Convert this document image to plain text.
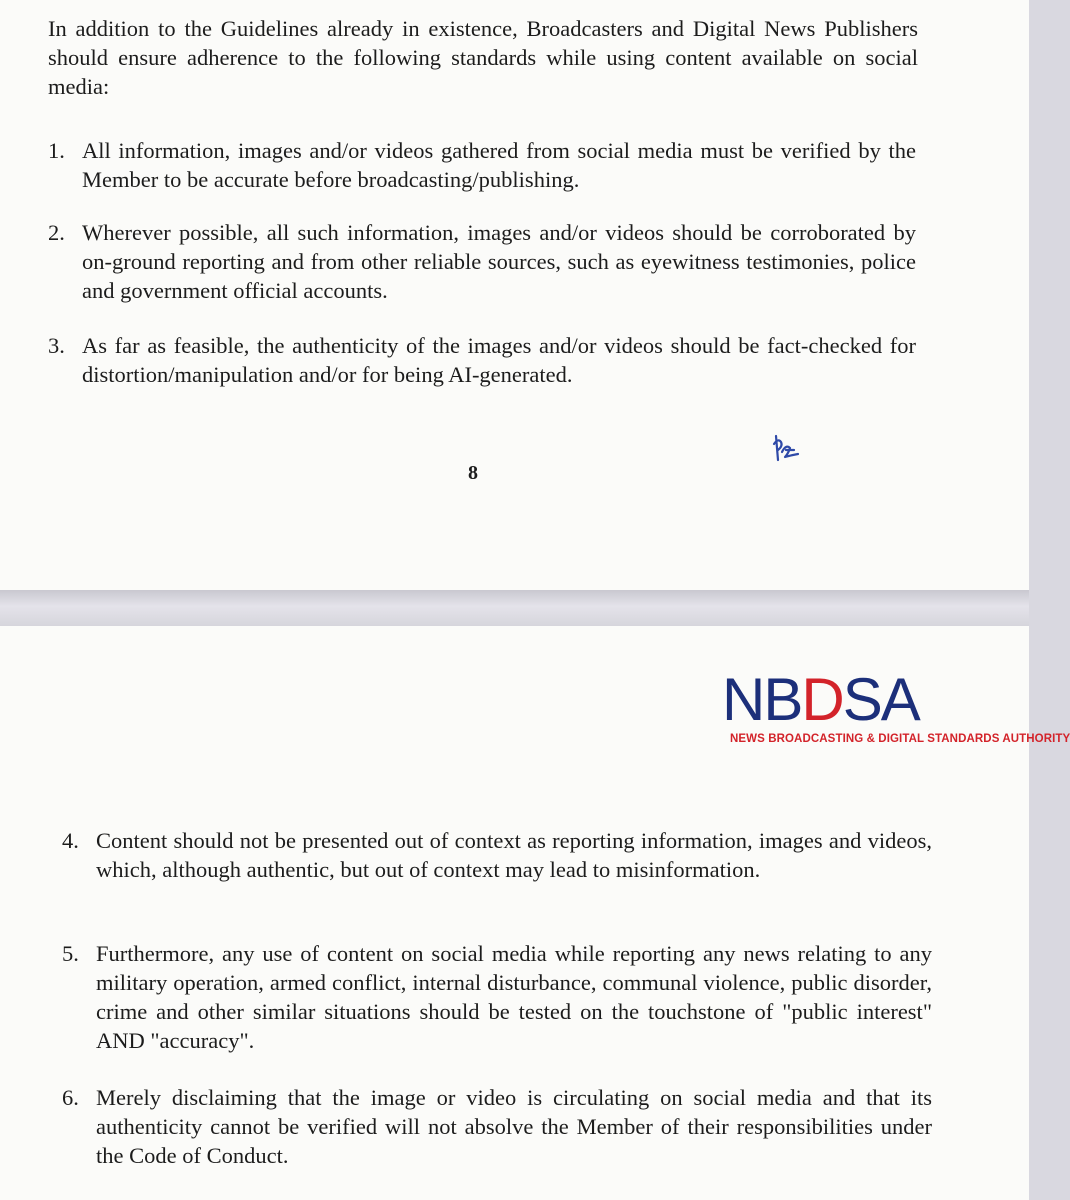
In addition to the Guidelines already in existence, Broadcasters and Digital News Publishers should ensure adherence to the following standards while using content available on social media:

1. All information, images and/or videos gathered from social media must be verified by the Member to be accurate before broadcasting/publishing.

2. Wherever possible, all such information, images and/or videos should be corroborated by on-ground reporting and from other reliable sources, such as eyewitness testimonies, police and government official accounts.

3. As far as feasible, the authenticity of the images and/or videos should be fact-checked for distortion/manipulation and/or for being AI-generated.

8
NBDSA
NEWS BROADCASTING & DIGITAL STANDARDS AUTHORITY

4. Content should not be presented out of context as reporting information, images and videos, which, although authentic, but out of context may lead to misinformation.

5. Furthermore, any use of content on social media while reporting any news relating to any military operation, armed conflict, internal disturbance, communal violence, public disorder, crime and other similar situations should be tested on the touchstone of "public interest" AND "accuracy".

6. Merely disclaiming that the image or video is circulating on social media and that its authenticity cannot be verified will not absolve the Member of their responsibilities under the Code of Conduct.
